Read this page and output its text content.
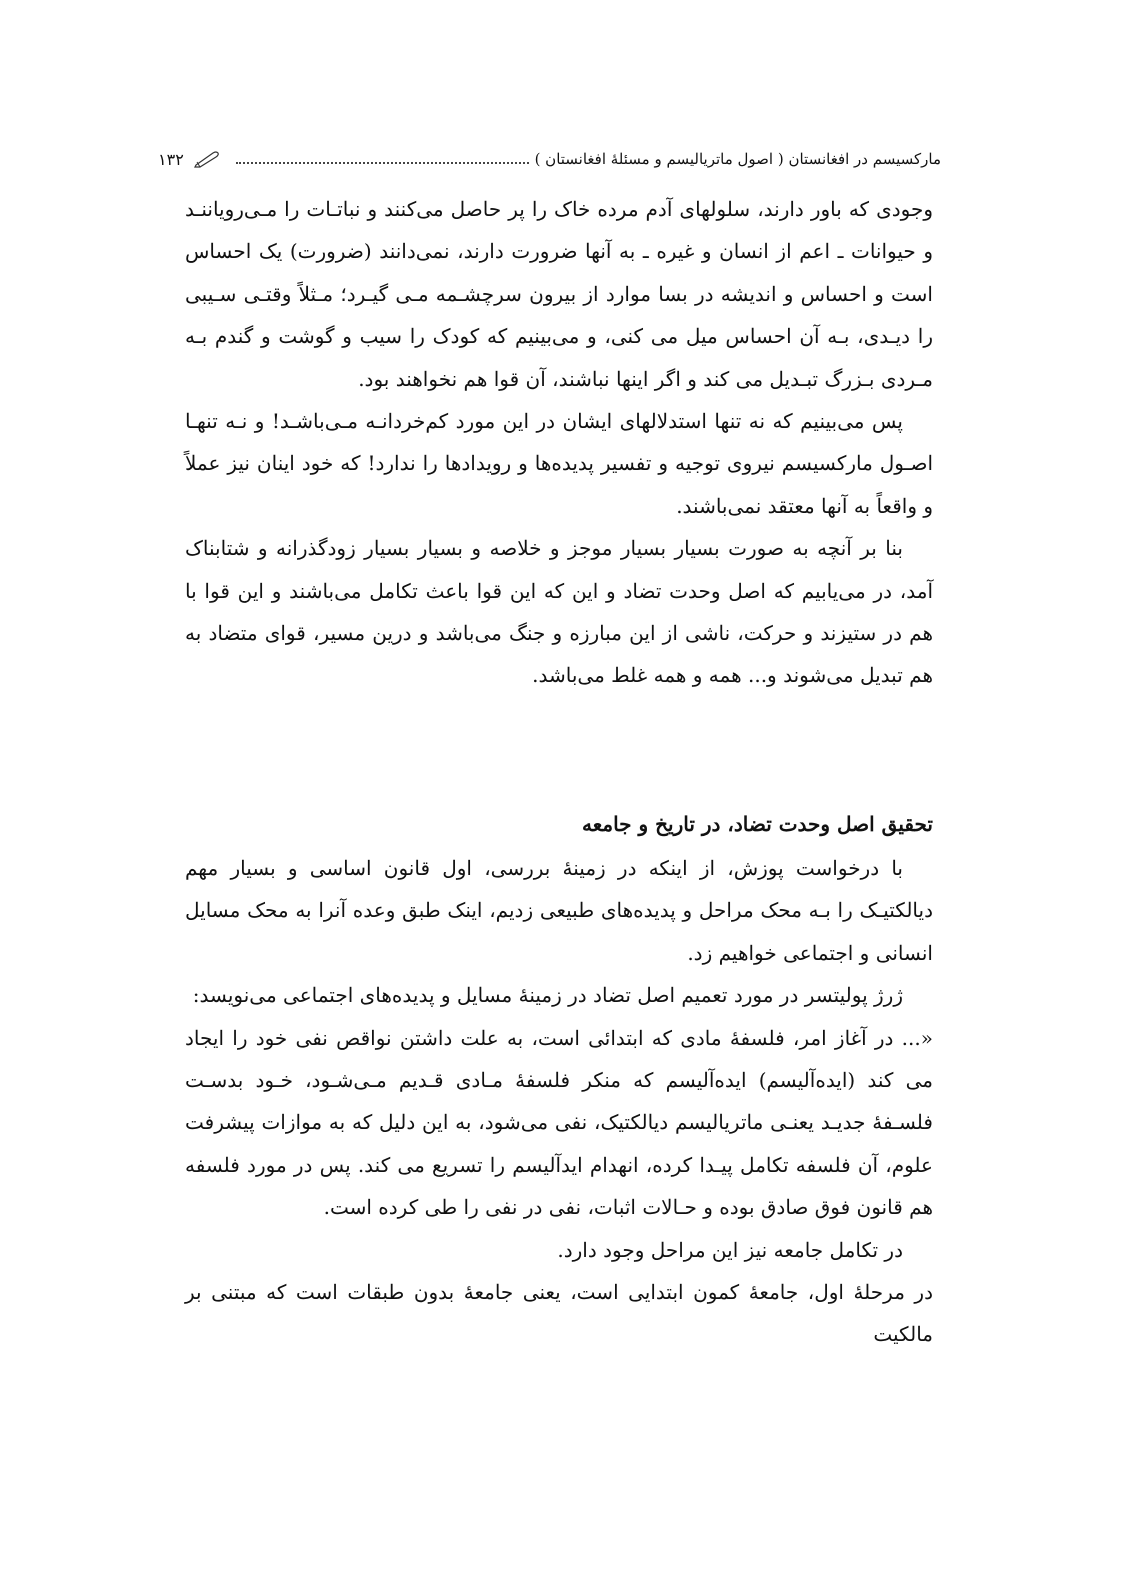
مارکسیسم در افغانستان ( اصول ماتریالیسم و مسئلهٔ افغانستان )
۱۳۲

وجودی که باور دارند، سلولهای آدم مرده خاک را پر حاصل می‌کنند و نباتـات را مـی‌روياننـد و حیوانات ـ اعم از انسان و غیره ـ به آنها ضرورت دارند، نمی‌دانند (ضرورت) یک احساس است و احساس و اندیشه در بسا موارد از بیرون سرچشـمه مـی گیـرد؛ مـثلاً وقتـی سـیبی را دیـدی، بـه آن احساس میل می کنی، و می‌بینیم که کودک را سیب و گوشت و گندم بـه مـردی بـزرگ تبـدیل می کند و اگر اینها نباشند، آن قوا هم نخواهند بود.

پس می‌بینیم که نه تنها استدلالهای ایشان در این مورد کم‌خردانـه مـی‌باشـد! و نـه تنهـا اصـول مارکسیسم نیروی توجیه و تفسیر پدیده‌ها و رویدادها را ندارد! که خود اینان نیز عملاً و واقعاً به آنها معتقد نمی‌باشند.

بنا بر آنچه به صورت بسیار بسیار موجز و خلاصه و بسیار بسیار زودگذرانه و شتابناک آمد، در می‌یابیم که اصل وحدت تضاد و این که این قوا باعث تکامل می‌باشند و این قوا با هم در ستیزند و حرکت، ناشی از این مبارزه و جنگ می‌باشد و درین مسیر، قوای متضاد به هم تبدیل می‌شوند و... همه و همه غلط می‌باشد.

تحقیق اصل وحدت تضاد، در تاریخ و جامعه

با درخواست پوزش، از اینکه در زمینهٔ بررسی، اول قانون اساسی و بسیار مهم دیالکتیـک را بـه محک مراحل و پدیده‌های طبیعی زدیم، اینک طبق وعده آنرا به محک مسایل انسانی و اجتماعی خواهیم زد.

ژرژ پولیتسر در مورد تعمیم اصل تضاد در زمینهٔ مسایل و پدیده‌های اجتماعی می‌نویسد:

«... در آغاز امر، فلسفهٔ مادی که ابتدائی است، به علت داشتن نواقص نفی خود را ایجاد می کند (ایده‌آلیسم) ایده‌آلیسم که منکر فلسفهٔ مـادی قـدیم مـی‌شـود، خـود بدسـت فلسـفهٔ جدیـد یعنـی ماتریالیسم دیالکتیک، نفی می‌شود، به این دلیل که به موازات پیشرفت علوم، آن فلسفه تکامل پیـدا کرده، انهدام ایدآلیسم را تسریع می کند. پس در مورد فلسفه هم قانون فوق صادق بوده و حـالات اثبات، نفی در نفی را طی کرده است.

در تکامل جامعه نیز این مراحل وجود دارد.

در مرحلهٔ اول، جامعهٔ کمون ابتدایی است، یعنی جامعهٔ بدون طبقات است که مبتنی بر مالکیت
